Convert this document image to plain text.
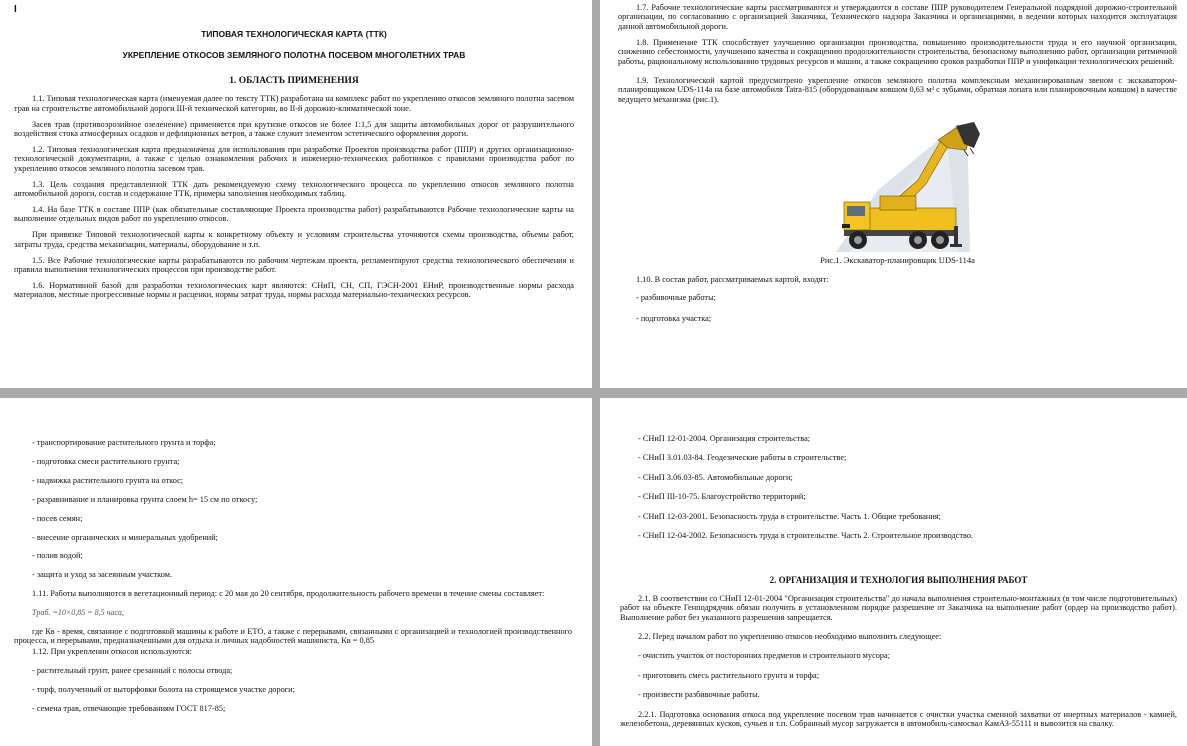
I

ТИПОВАЯ ТЕХНОЛОГИЧЕСКАЯ КАРТА (ТТК)

УКРЕПЛЕНИЕ ОТКОСОВ ЗЕМЛЯНОГО ПОЛОТНА ПОСЕВОМ МНОГОЛЕТНИХ ТРАВ

1. ОБЛАСТЬ ПРИМЕНЕНИЯ

1.1. Типовая технологическая карта (именуемая далее по тексту ТТК) разработана на комплекс работ по укреплению откосов земляного полотна засевом трав на строительстве автомобильной дороги III-й технической категории, во II-й дорожно-климатической зоне.

Засев трав (противоэрозийное озеленение) применяется при крутизне откосов не более 1:1,5 для защиты автомобильных дорог от разрушительного воздействия стока атмосферных осадков и дефляционных ветров, а также служит элементом эстетического оформления дороги.

1.2. Типовая технологическая карта предназначена для использования при разработке Проектов производства работ (ППР) и других организационно-технологической документации, а также с целью ознакомления рабочих и инженерно-технических работников с правилами производства работ по укреплению откосов земляного полотна засевом трав.

1.3. Цель создания представленной ТТК дать рекомендуемую схему технологического процесса по укреплению откосов земляного полотна автомобильной дороги, состав и содержание ТТК, примеры заполнения необходимых таблиц.

1.4. На базе ТТК в составе ППР (как обязательные составляющие Проекта производства работ) разрабатываются Рабочие технологические карты на выполнение отдельных видов работ по укреплению откосов.

При привязке Типовой технологической карты к конкретному объекту и условиям строительства уточняются схемы производства, объемы работ, затраты труда, средства механизации, материалы, оборудование и т.п.

1.5. Все Рабочие технологические карты разрабатываются по рабочим чертежам проекта, регламентируют средства технологического обеспечения и правила выполнения технологических процессов при производстве работ.

1.6. Нормативной базой для разработки технологических карт являются: СНиП, СН, СП, ГЭСН-2001 ЕНиР, производственные нормы расхода материалов, местные прогрессивные нормы и расценки, нормы затрат труда, нормы расхода материально-технических ресурсов.

1.7. Рабочие технологические карты рассматриваются и утверждаются в составе ППР руководителем Генеральной подрядной дорожно-строительной организации, по согласованию с организацией Заказчика, Технического надзора Заказчика и организациями, в ведении которых находится эксплуатация данной автомобильной дороги.

1.8. Применение ТТК способствует улучшению организации производства, повышению производительности труда и его научной организации, снижению себестоимости, улучшению качества и сокращению продолжительности строительства, безопасному выполнению работ, организации ритмичной работы, рациональному использованию трудовых ресурсов и машин, а также сокращению сроков разработки ППР и унификации технологических решений.

1.9. Технологической картой предусмотрено укрепление откосов земляного полотна комплексным механизированным звеном с экскаватором-планировщиком UDS-114a на базе автомобиля Tatra-815 (оборудованным ковшом 0,63 м³ с зубьями, обратная лопата или планировочным ковшом) в качестве ведущего механизма (рис.1).

Рис.1. Экскаватор-планировщик UDS-114a

1.10. В состав работ, рассматриваемых картой, входят:

- разбивочные работы;

- подготовка участка;

- транспортирование растительного грунта и торфа;

- подготовка смеси растительного грунта;

- надвижка растительного грунта на откос;

- разравнивание и планировка грунта слоем h= 15 см по откосу;

- посев семян;

- внесение органических и минеральных удобрений;

- полив водой;

- защита и уход за засеянным участком.

1.11. Работы выполняются в вегетационный период: с 20 мая до 20 сентября, продолжительность рабочего времени в течение смены составляет:

Tраб. =10×0,85 = 8,5 часа,

где Кв - время, связанное с подготовкой машины к работе и ЕТО, а также с перерывами, связанными с организацией и технологией производственного процесса, и перерывами, предназначенными для отдыха и личных надобностей машиниста, Кв = 0,85

1.12. При укреплении откосов используются:

- растительный грунт, ранее срезанный с полосы отвода;

- торф, полученный от выторфовки болота на строящемся участке дороги;

- семена трав, отвечающие требованиям ГОСТ 817-85;

- СНиП 12-01-2004. Организация строительства;

- СНиП 3.01.03-84. Геодезические работы в строительстве;

- СНиП 3.06.03-85. Автомобильные дороги;

- СНиП III-10-75. Благоустройство территорий;

- СНиП 12-03-2001. Безопасность труда в строительстве. Часть 1. Общие требования;

- СНиП 12-04-2002. Безопасность труда в строительстве. Часть 2. Строительное производство.

2. ОРГАНИЗАЦИЯ И ТЕХНОЛОГИЯ ВЫПОЛНЕНИЯ РАБОТ

2.1. В соответствии со СНиП 12-01-2004 "Организация строительства" до начала выполнения строительно-монтажных (в том числе подготовительных) работ на объекте Генподрядчик обязан получить в установленном порядке разрешение от Заказчика на выполнение работ (ордер на производство работ). Выполнение работ без указанного разрешения запрещается.

2.2. Перед началом работ по укреплению откосов необходимо выполнить следующее:

- очистить участок от посторонних предметов и строительного мусора;

- приготовить смесь растительного грунта и торфа;

- произвести разбивочные работы.

2.2.1. Подготовка основания откоса под укрепление посевом трав начинается с очистки участка сменной захватки от инертных материалов - камней, железобетона, деревянных кусков, сучьев и т.п. Собранный мусор загружается в автомобиль-самосвал КамАЗ-55111 и вывозится на свалку.
